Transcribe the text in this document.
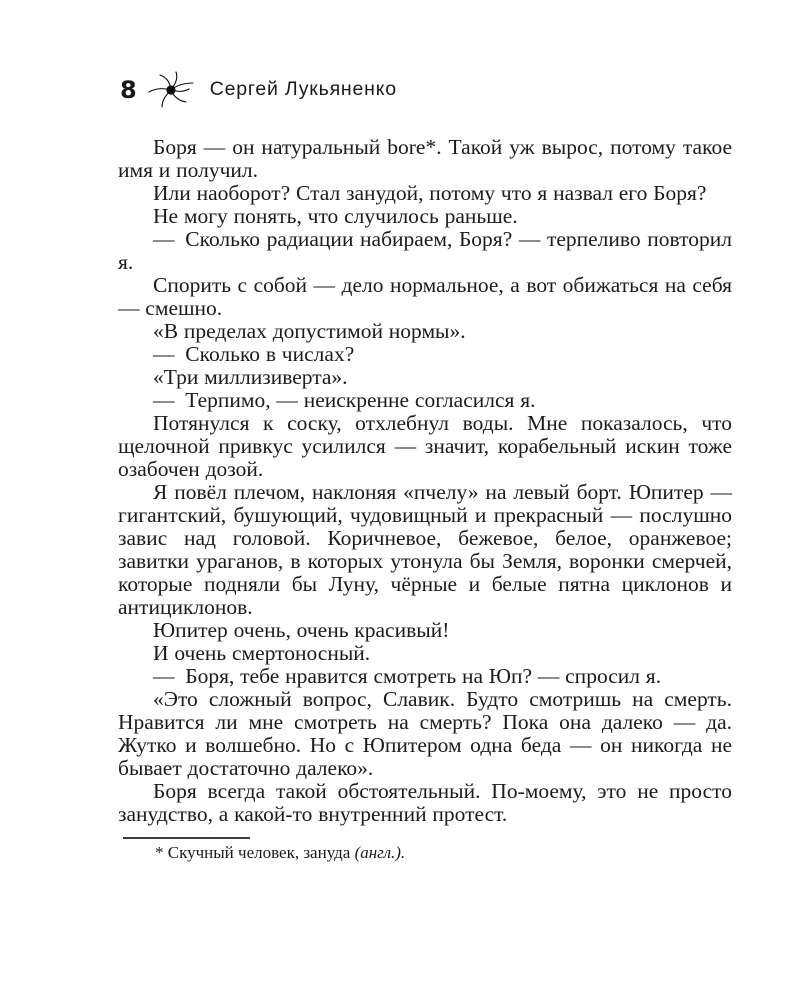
8	Сергей Лукьяненко

Боря — он натуральный bore*. Такой уж вырос, потому такое имя и получил.

Или наоборот? Стал занудой, потому что я назвал его Боря?

Не могу понять, что случилось раньше.

— Сколько радиации набираем, Боря? — терпеливо повторил я.

Спорить с собой — дело нормальное, а вот обижаться на себя — смешно.

«В пределах допустимой нормы».

— Сколько в числах?

«Три миллизиверта».

— Терпимо, — неискренне согласился я.

Потянулся к соску, отхлебнул воды. Мне показалось, что щелочной привкус усилился — значит, корабельный искин тоже озабочен дозой.

Я повёл плечом, наклоняя «пчелу» на левый борт. Юпитер — гигантский, бушующий, чудовищный и прекрасный — послушно завис над головой. Коричневое, бежевое, белое, оранжевое; завитки ураганов, в которых утонула бы Земля, воронки смерчей, которые подняли бы Луну, чёрные и белые пятна циклонов и антициклонов.

Юпитер очень, очень красивый!

И очень смертоносный.

— Боря, тебе нравится смотреть на Юп? — спросил я.

«Это сложный вопрос, Славик. Будто смотришь на смерть. Нравится ли мне смотреть на смерть? Пока она далеко — да. Жутко и волшебно. Но с Юпитером одна беда — он никогда не бывает достаточно далеко».

Боря всегда такой обстоятельный. По-моему, это не просто занудство, а какой-то внутренний протест.

* Скучный человек, зануда (англ.).
